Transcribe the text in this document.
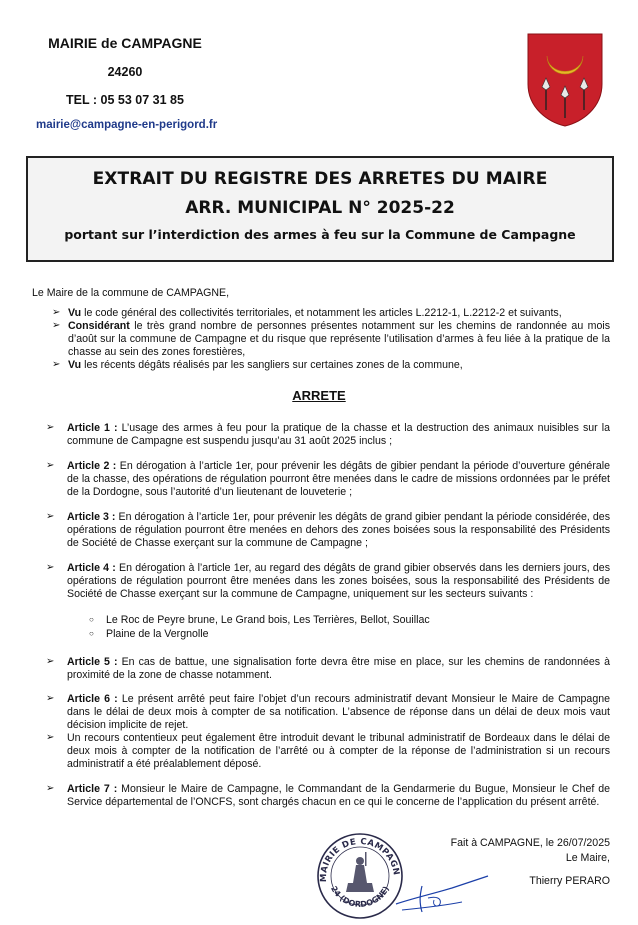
MAIRIE de CAMPAGNE
24260
TEL : 05 53 07 31 85
mairie@campagne-en-perigord.fr
EXTRAIT DU REGISTRE DES ARRETES DU MAIRE
ARR. MUNICIPAL N° 2025-22
portant sur l’interdiction des armes à feu sur la Commune de Campagne
Le Maire de la commune de CAMPAGNE,
➢ Vu le code général des collectivités territoriales, et notamment les articles L.2212-1, L.2212-2 et suivants,
➢ Considérant le très grand nombre de personnes présentes notamment sur les chemins de randonnée au mois d’août sur la commune de Campagne et du risque que représente l’utilisation d’armes à feu liée à la pratique de la chasse au sein des zones forestières,
➢ Vu les récents dégâts réalisés par les sangliers sur certaines zones de la commune,
ARRETE
➢ Article 1 : L’usage des armes à feu pour la pratique de la chasse et la destruction des animaux nuisibles sur la commune de Campagne est suspendu jusqu’au 31 août 2025 inclus ;
➢ Article 2 : En dérogation à l’article 1er, pour prévenir les dégâts de gibier pendant la période d’ouverture générale de la chasse, des opérations de régulation pourront être menées dans le cadre de missions ordonnées par le préfet de la Dordogne, sous l’autorité d’un lieutenant de louveterie ;
➢ Article 3 : En dérogation à l’article 1er, pour prévenir les dégâts de grand gibier pendant la période considérée, des opérations de régulation pourront être menées en dehors des zones boisées sous la responsabilité des Présidents de Société de Chasse exerçant sur la commune de Campagne ;
➢ Article 4 : En dérogation à l’article 1er, au regard des dégâts de grand gibier observés dans les derniers jours, des opérations de régulation pourront être menées dans les zones boisées, sous la responsabilité des Présidents de Société de Chasse exerçant sur la commune de Campagne, uniquement sur les secteurs suivants :
○ Le Roc de Peyre brune, Le Grand bois, Les Terrières, Bellot, Souillac
○ Plaine de la Vergnolle
➢ Article 5 : En cas de battue, une signalisation forte devra être mise en place, sur les chemins de randonnées à proximité de la zone de chasse notamment.
➢ Article 6 : Le présent arrêté peut faire l’objet d’un recours administratif devant Monsieur le Maire de Campagne dans le délai de deux mois à compter de sa notification. L’absence de réponse dans un délai de deux mois vaut décision implicite de rejet.
➢ Un recours contentieux peut également être introduit devant le tribunal administratif de Bordeaux dans le délai de deux mois à compter de la notification de l’arrêté ou à compter de la réponse de l’administration si un recours administratif a été préalablement déposé.
➢ Article 7 : Monsieur le Maire de Campagne, le Commandant de la Gendarmerie du Bugue, Monsieur le Chef de Service départemental de l’ONCFS, sont chargés chacun en ce qui le concerne de l’application du présent arrêté.
Fait à CAMPAGNE, le 26/07/2025
Le Maire,
Thierry PERARO
MAIRIE DE CAMPAGN
24 (DORDOGNE)
